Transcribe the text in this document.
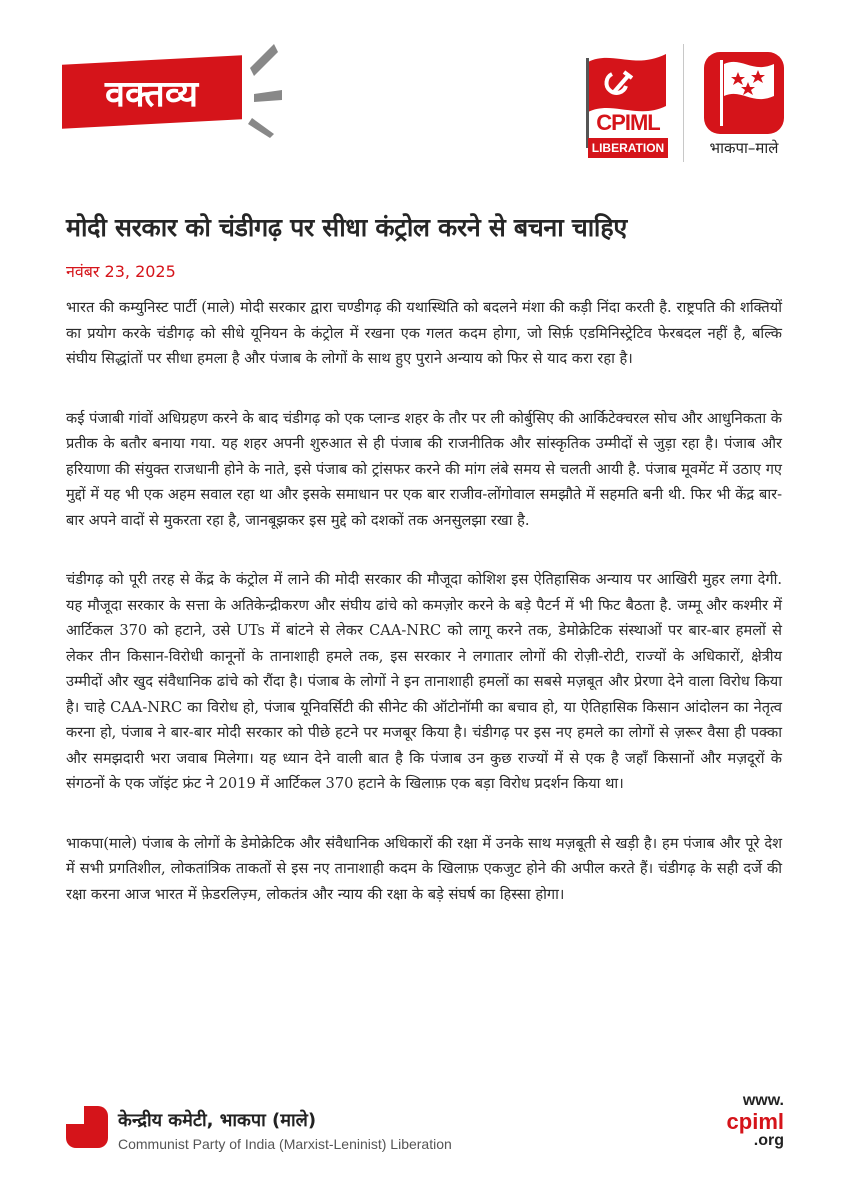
वक्तव्य
CPIML
LIBERATION	भाकपा–माले
मोदी सरकार को चंडीगढ़ पर सीधा कंट्रोल करने से बचना चाहिए
नवंबर 23, 2025

भारत की कम्युनिस्ट पार्टी (माले) मोदी सरकार द्वारा चण्डीगढ़ की यथास्थिति को बदलने मंशा की कड़ी निंदा करती है. राष्ट्रपति की शक्तियों का प्रयोग करके चंडीगढ़ को सीधे यूनियन के कंट्रोल में रखना एक गलत कदम होगा, जो सिर्फ़ एडमिनिस्ट्रेटिव फेरबदल नहीं है, बल्कि संघीय सिद्धांतों पर सीधा हमला है और पंजाब के लोगों के साथ हुए पुराने अन्याय को फिर से याद करा रहा है।

कई पंजाबी गांवों अधिग्रहण करने के बाद चंडीगढ़ को एक प्लान्ड शहर के तौर पर ली कोर्बुसिए की आर्किटेक्चरल सोच और आधुनिकता के प्रतीक के बतौर बनाया गया. यह शहर अपनी शुरुआत से ही पंजाब की राजनीतिक और सांस्कृतिक उम्मीदों से जुड़ा रहा है। पंजाब और हरियाणा की संयुक्त राजधानी होने के नाते, इसे पंजाब को ट्रांसफर करने की मांग लंबे समय से चलती आयी है. पंजाब मूवमेंट में उठाए गए मुद्दों में यह भी एक अहम सवाल रहा था और इसके समाधान पर एक बार राजीव-लोंगोवाल समझौते में सहमति बनी थी. फिर भी केंद्र बार-बार अपने वादों से मुकरता रहा है, जानबूझकर इस मुद्दे को दशकों तक अनसुलझा रखा है.

चंडीगढ़ को पूरी तरह से केंद्र के कंट्रोल में लाने की मोदी सरकार की मौजूदा कोशिश इस ऐतिहासिक अन्याय पर आखिरी मुहर लगा देगी. यह मौजूदा सरकार के सत्ता के अतिकेन्द्रीकरण और संघीय ढांचे को कमज़ोर करने के बड़े पैटर्न में भी फिट बैठता है. जम्मू और कश्मीर में आर्टिकल 370 को हटाने, उसे UTs में बांटने से लेकर CAA-NRC को लागू करने तक, डेमोक्रेटिक संस्थाओं पर बार-बार हमलों से लेकर तीन किसान-विरोधी कानूनों के तानाशाही हमले तक, इस सरकार ने लगातार लोगों की रोज़ी-रोटी, राज्यों के अधिकारों, क्षेत्रीय उम्मीदों और खुद संवैधानिक ढांचे को रौंदा है। पंजाब के लोगों ने इन तानाशाही हमलों का सबसे मज़बूत और प्रेरणा देने वाला विरोध किया है। चाहे CAA-NRC का विरोध हो, पंजाब यूनिवर्सिटी की सीनेट की ऑटोनॉमी का बचाव हो, या ऐतिहासिक किसान आंदोलन का नेतृत्व करना हो, पंजाब ने बार-बार मोदी सरकार को पीछे हटने पर मजबूर किया है। चंडीगढ़ पर इस नए हमले का लोगों से ज़रूर वैसा ही पक्का और समझदारी भरा जवाब मिलेगा। यह ध्यान देने वाली बात है कि पंजाब उन कुछ राज्यों में से एक है जहाँ किसानों और मज़दूरों के संगठनों के एक जॉइंट फ्रंट ने 2019 में आर्टिकल 370 हटाने के खिलाफ़ एक बड़ा विरोध प्रदर्शन किया था।

भाकपा(माले) पंजाब के लोगों के डेमोक्रेटिक और संवैधानिक अधिकारों की रक्षा में उनके साथ मज़बूती से खड़ी है। हम पंजाब और पूरे देश में सभी प्रगतिशील, लोकतांत्रिक ताकतों से इस नए तानाशाही कदम के खिलाफ़ एकजुट होने की अपील करते हैं। चंडीगढ़ के सही दर्जे की रक्षा करना आज भारत में फ़ेडरलिज़्म, लोकतंत्र और न्याय की रक्षा के बड़े संघर्ष का हिस्सा होगा।

केन्द्रीय कमेटी, भाकपा (माले)
Communist Party of India (Marxist-Leninist) Liberation
www.
cpiml
.org
